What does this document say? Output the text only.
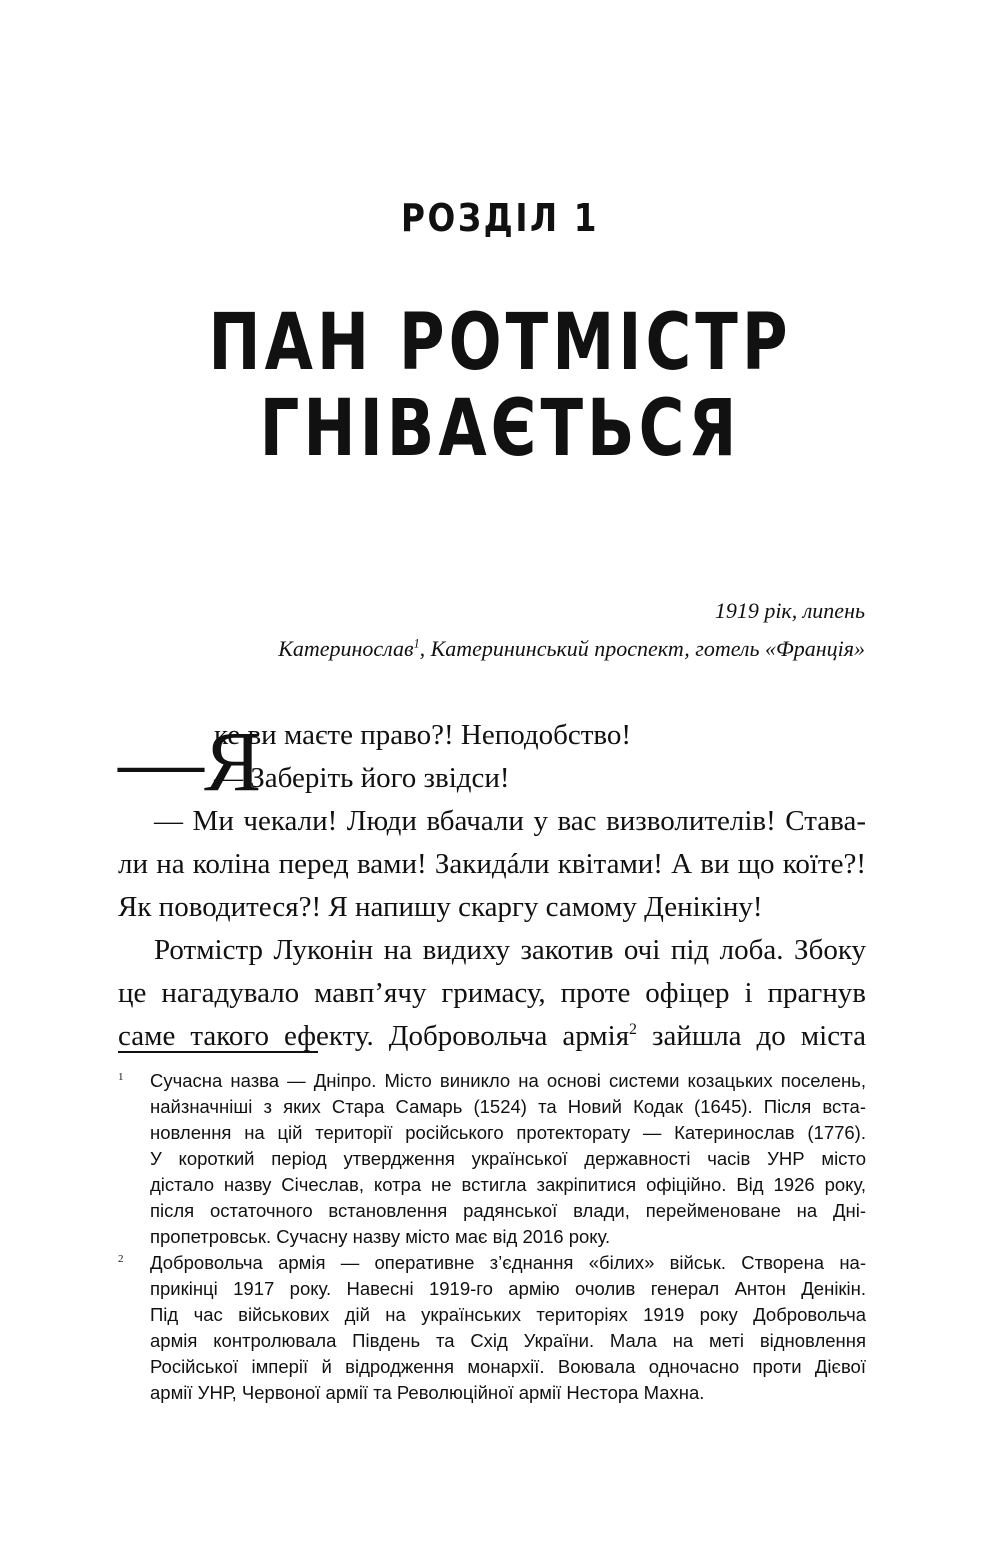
РОЗДІЛ 1
ПАН РОТМІСТР
ГНІВАЄТЬСЯ
1919 рік, липень
Катеринослав$^1$, Катерининський проспект, готель «Франція»
—Я
ке ви маєте право?! Неподобство!
— Заберіть його звідси!
— Ми чекали! Люди вбачали у вас визволителів! Става-
ли на коліна перед вами! Закидáли квітами! А ви що коїте?!
Як поводитеся?! Я напишу скаргу самому Денікіну!
Ротмістр Луконін на видиху закотив очі під лоба. Збоку
це нагадувало мавп’ячу гримасу, проте офіцер і прагнув
саме такого ефекту. Добровольча армія$^2$ зайшла до міста
1 Сучасна назва — Дніпро. Місто виникло на основі системи козацьких поселень,
найзначніші з яких Стара Самарь (1524) та Новий Кодак (1645). Після вста-
новлення на цій території російського протекторату — Катеринослав (1776).
У короткий період утвердження української державності часів УНР місто
дістало назву Січеслав, котра не встигла закріпитися офіційно. Від 1926 року,
після остаточного встановлення радянської влади, перейменоване на Дні-
пропетровськ. Сучасну назву місто має від 2016 року.
2 Добровольча армія — оперативне з’єднання «білих» військ. Створена на-
прикінці 1917 року. Навесні 1919-го армію очолив генерал Антон Денікін.
Під час військових дій на українських територіях 1919 року Добровольча
армія контролювала Південь та Схід України. Мала на меті відновлення
Російської імперії й відродження монархії. Воювала одночасно проти Дієвої
армії УНР, Червоної армії та Революційної армії Нестора Махна.
